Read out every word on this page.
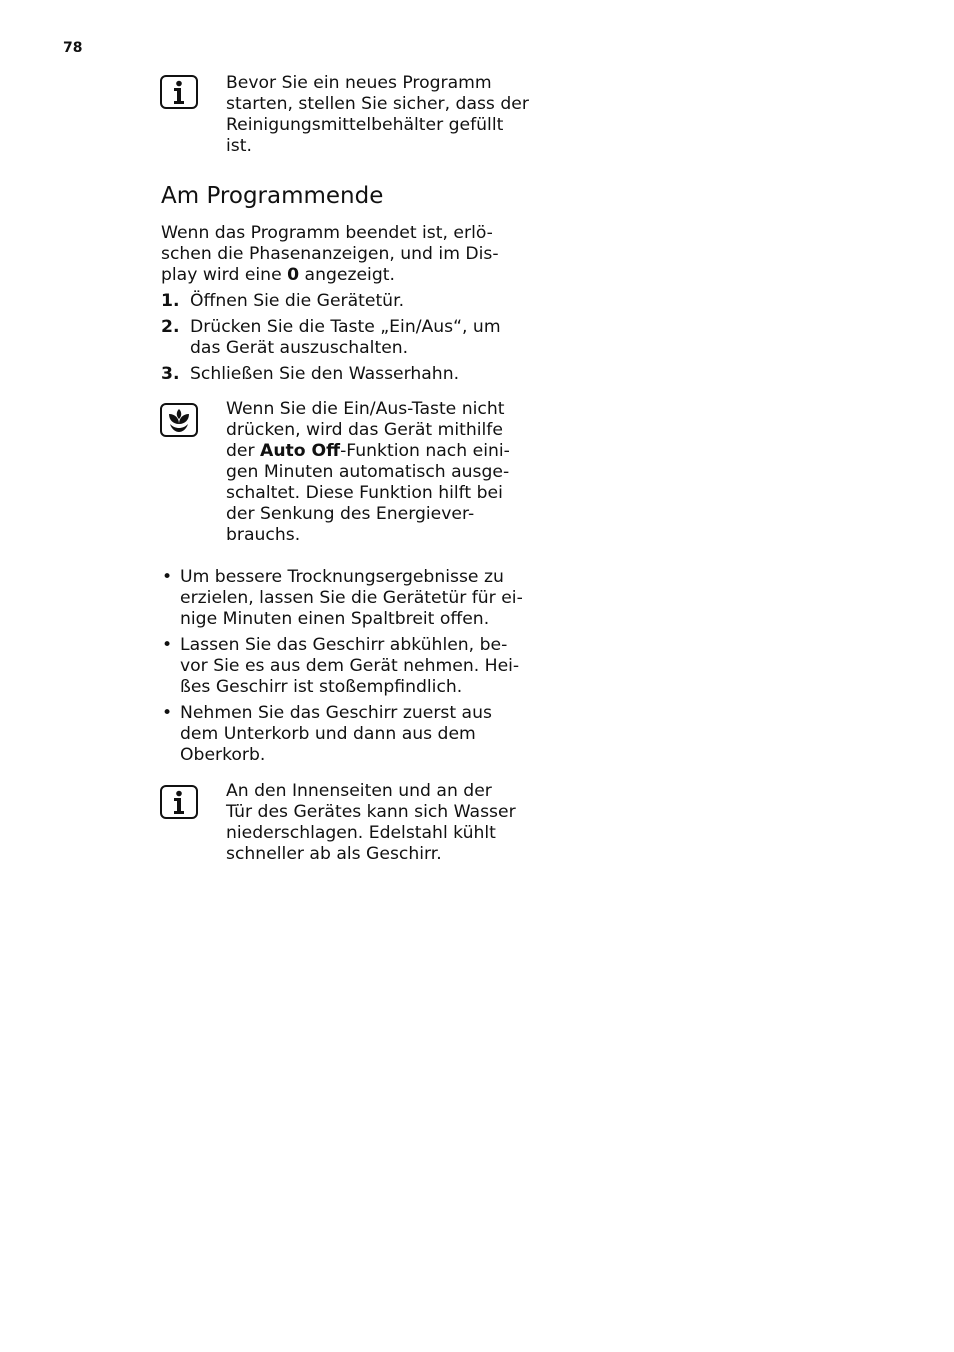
78
Bevor Sie ein neues Programm
starten, stellen Sie sicher, dass der
Reinigungsmittelbehälter gefüllt
ist.
Am Programmende
Wenn das Programm beendet ist, erlö-
schen die Phasenanzeigen, und im Dis-
play wird eine 0 angezeigt.
1. Öffnen Sie die Gerätetür.
2. Drücken Sie die Taste „Ein/Aus“, um
das Gerät auszuschalten.
3. Schließen Sie den Wasserhahn.
Wenn Sie die Ein/Aus-Taste nicht
drücken, wird das Gerät mithilfe
der Auto Off-Funktion nach eini-
gen Minuten automatisch ausge-
schaltet. Diese Funktion hilft bei
der Senkung des Energiever-
brauchs.
• Um bessere Trocknungsergebnisse zu
erzielen, lassen Sie die Gerätetür für ei-
nige Minuten einen Spaltbreit offen.
• Lassen Sie das Geschirr abkühlen, be-
vor Sie es aus dem Gerät nehmen. Hei-
ßes Geschirr ist stoßempfindlich.
• Nehmen Sie das Geschirr zuerst aus
dem Unterkorb und dann aus dem
Oberkorb.
An den Innenseiten und an der
Tür des Gerätes kann sich Wasser
niederschlagen. Edelstahl kühlt
schneller ab als Geschirr.
